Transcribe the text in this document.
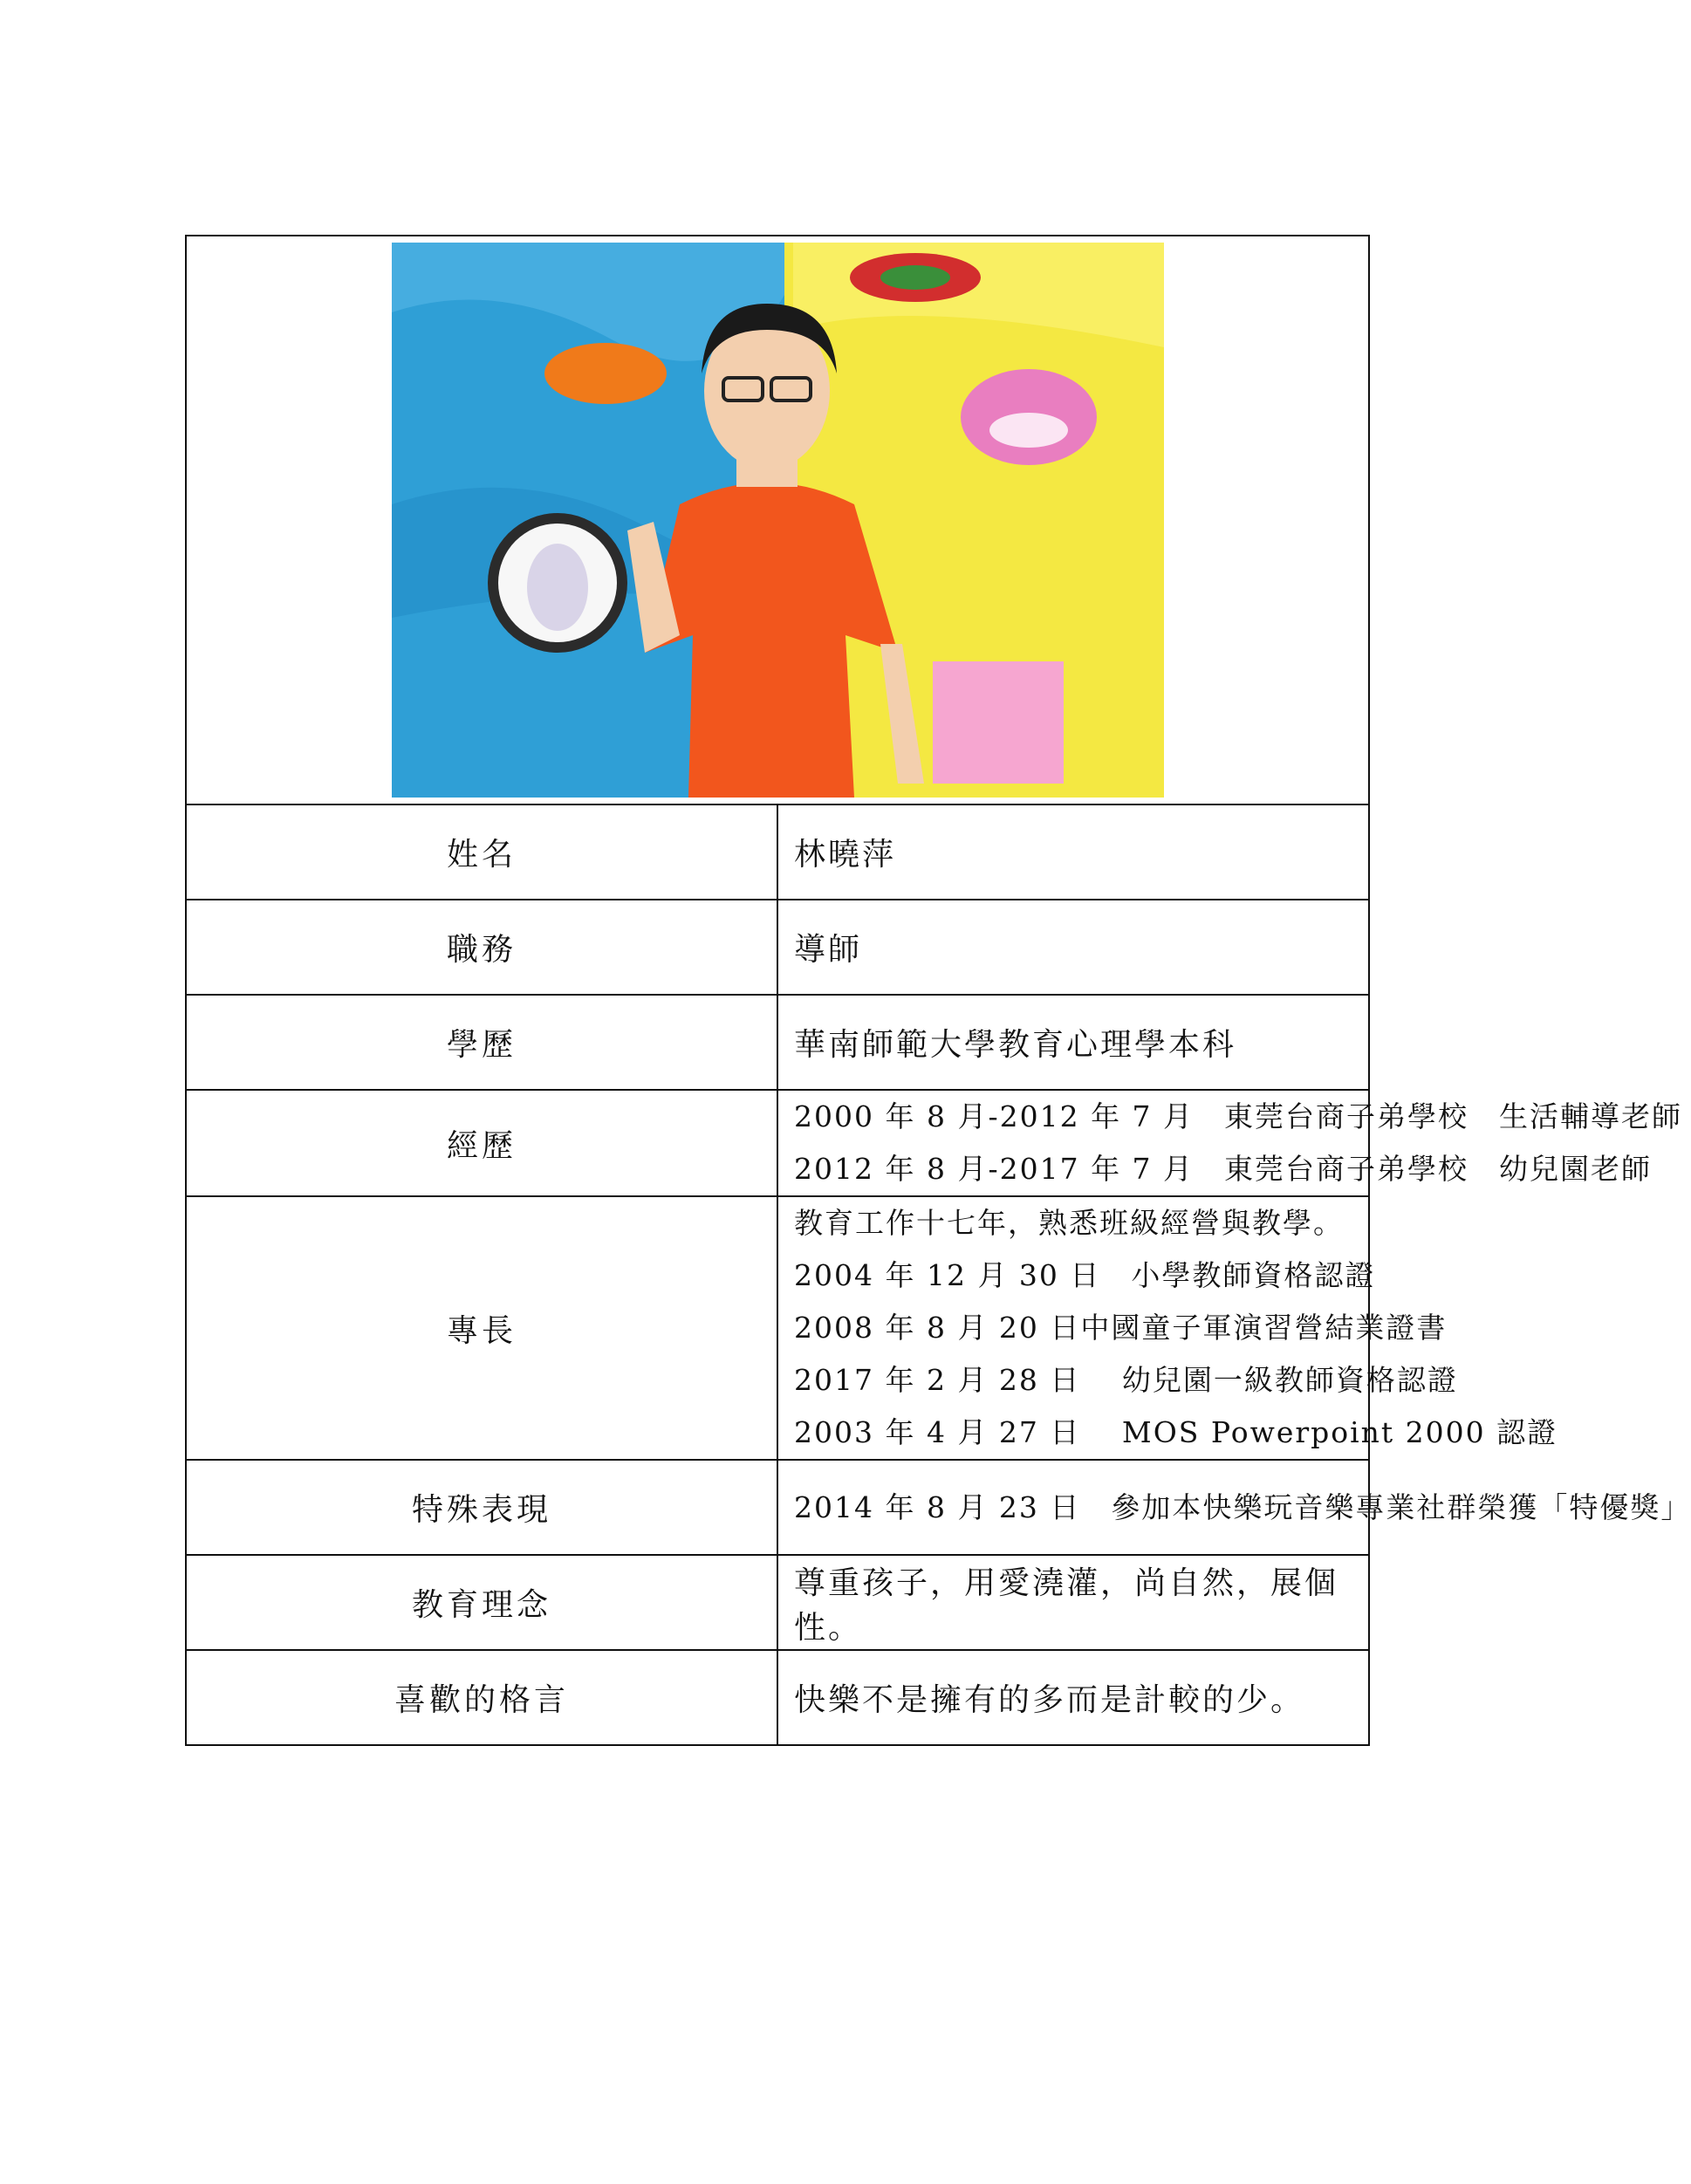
姓名	林曉萍
職務	導師
學歷	華南師範大學教育心理學本科
經歷	2000 年 8 月-2012 年 7 月　東莞台商子弟學校　生活輔導老師
2012 年 8 月-2017 年 7 月　東莞台商子弟學校　幼兒園老師

專長	教育工作十七年，熟悉班級經營與教學。
2004 年 12 月 30 日　小學教師資格認證
2008 年 8 月 20 日中國童子軍演習營結業證書
2017 年 2 月 28 日　 幼兒園一級教師資格認證
2003 年 4 月 27 日　 MOS Powerpoint 2000 認證

特殊表現	2014 年 8 月 23 日　參加本快樂玩音樂專業社群榮獲「特優獎」

教育理念	尊重孩子，用愛澆灌，尚自然，展個性。
喜歡的格言	快樂不是擁有的多而是計較的少。
